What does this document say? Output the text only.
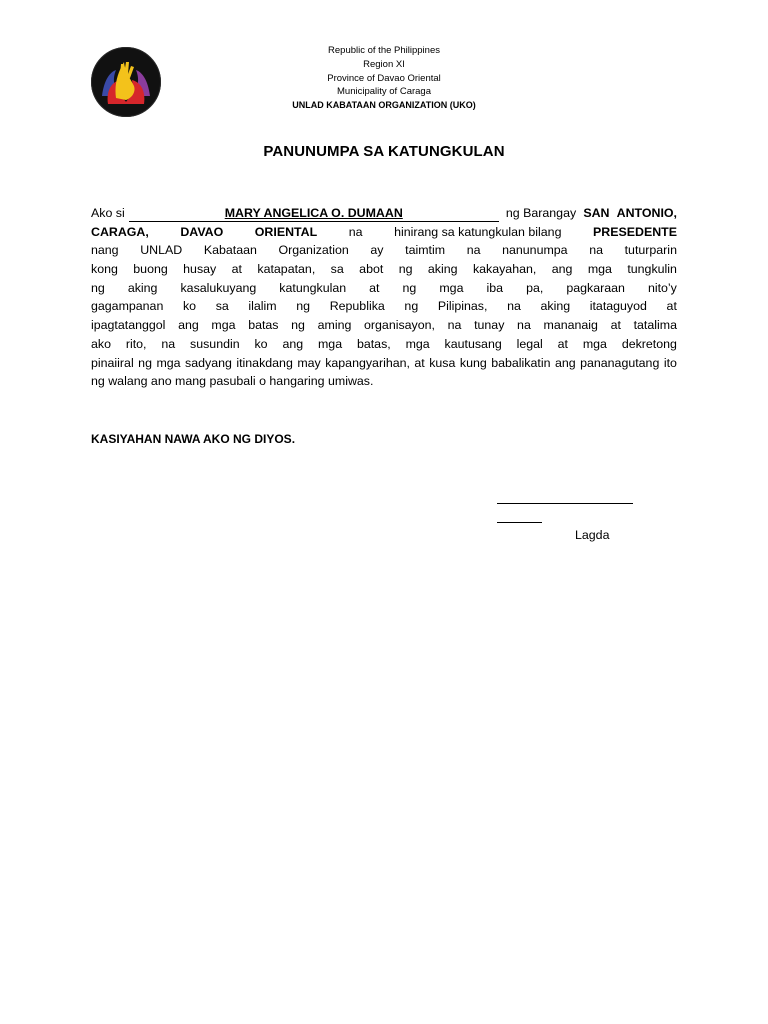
Republic of the Philippines
Region XI
Province of Davao Oriental
Municipality of Caraga
UNLAD KABATAAN ORGANIZATION (UKO)
PANUNUMPA SA KATUNGKULAN
Ako si	MARY ANGELICA O. DUMAAN	ng Barangay SAN ANTONIO,
CARAGA,	DAVAO	ORIENTAL	na	hinirang sa katungkulan bilang	PRESEDENTE
nang UNLAD Kabataan Organization ay taimtim na nanunumpa na tuturparin
kong buong husay at katapatan, sa abot ng aking kakayahan, ang mga tungkulin
ng aking kasalukuyang katungkulan at ng mga iba pa, pagkaraan nito’y
gagampanan ko sa ilalim ng Republika ng Pilipinas, na aking itataguyod at
ipagtatanggol ang mga batas ng aming organisayon, na tunay na mananaig at tatalima
ako rito, na susundin ko ang mga batas, mga kautusang legal at mga dekretong
pinaiiral ng mga sadyang itinakdang may kapangyarihan, at kusa kung babalikatin ang pananagutang ito
ng walang ano mang pasubali o hangaring umiwas.
KASIYAHAN NAWA AKO NG DIYOS.
Lagda
